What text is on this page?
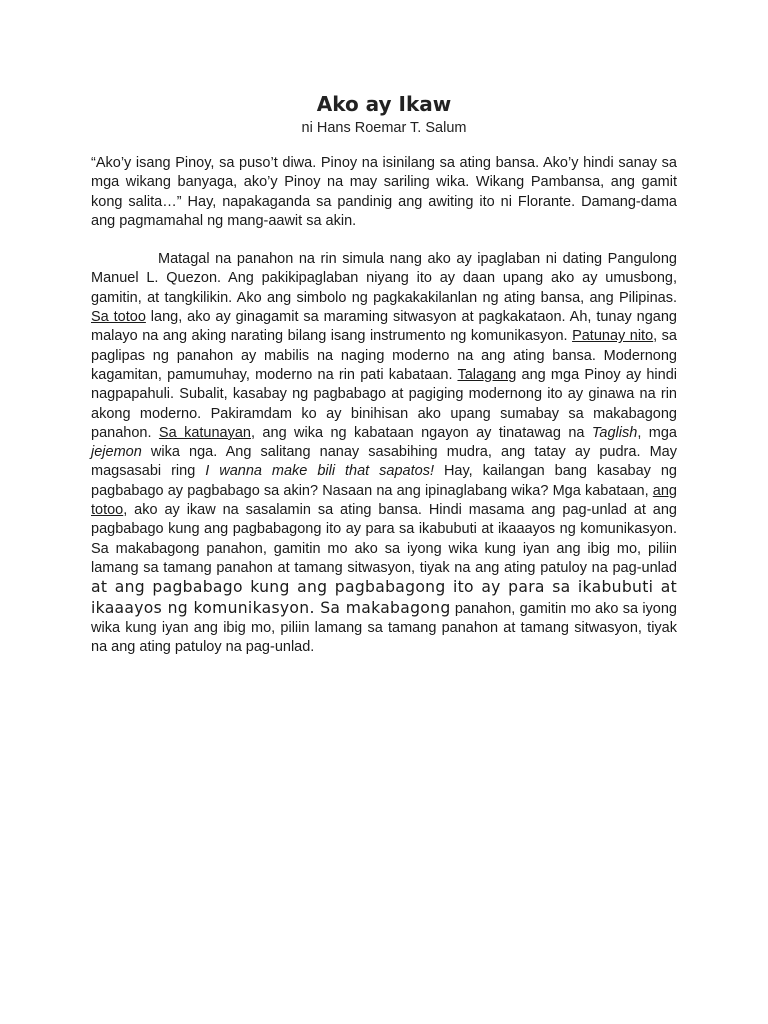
Ako ay Ikaw

ni Hans Roemar T. Salum

“Ako’y isang Pinoy, sa puso’t diwa. Pinoy na isinilang sa ating bansa. Ako’y hindi sanay sa mga wikang banyaga, ako’y Pinoy na may sariling wika. Wikang Pambansa, ang gamit kong salita…” Hay, napakaganda sa pandinig ang awiting ito ni Florante. Damang-dama ang pagmamahal ng mang-aawit sa akin.

Matagal na panahon na rin simula nang ako ay ipaglaban ni dating Pangulong Manuel L. Quezon. Ang pakikipaglaban niyang ito ay daan upang ako ay umusbong, gamitin, at tangkilikin. Ako ang simbolo ng pagkakakilanlan ng ating bansa, ang Pilipinas. Sa totoo lang, ako ay ginagamit sa maraming sitwasyon at pagkakataon. Ah, tunay ngang malayo na ang aking narating bilang isang instrumento ng komunikasyon. Patunay nito, sa paglipas ng panahon ay mabilis na naging moderno na ang ating bansa. Modernong kagamitan, pamumuhay, moderno na rin pati kabataan. Talagang ang mga Pinoy ay hindi nagpapahuli. Subalit, kasabay ng pagbabago at pagiging modernong ito ay ginawa na rin akong moderno. Pakiramdam ko ay binihisan ako upang sumabay sa makabagong panahon. Sa katunayan, ang wika ng kabataan ngayon ay tinatawag na Taglish, mga jejemon wika nga. Ang salitang nanay sasabihing mudra, ang tatay ay pudra. May magsasabi ring I wanna make bili that sapatos! Hay, kailangan bang kasabay ng pagbabago ay pagbabago sa akin? Nasaan na ang ipinaglabang wika? Mga kabataan, ang totoo, ako ay ikaw na sasalamin sa ating bansa. Hindi masama ang pag-unlad at ang pagbabago kung ang pagbabagong ito ay para sa ikabubuti at ikaaayos ng komunikasyon. Sa makabagong panahon, gamitin mo ako sa iyong wika kung iyan ang ibig mo, piliin lamang sa tamang panahon at tamang sitwasyon, tiyak na ang ating patuloy na pag-unlad at ang pagbabago kung ang pagbabagong ito ay para sa ikabubuti at ikaaayos ng komunikasyon. Sa makabagong panahon, gamitin mo ako sa iyong wika kung iyan ang ibig mo, piliin lamang sa tamang panahon at tamang sitwasyon, tiyak na ang ating patuloy na pag-unlad.
